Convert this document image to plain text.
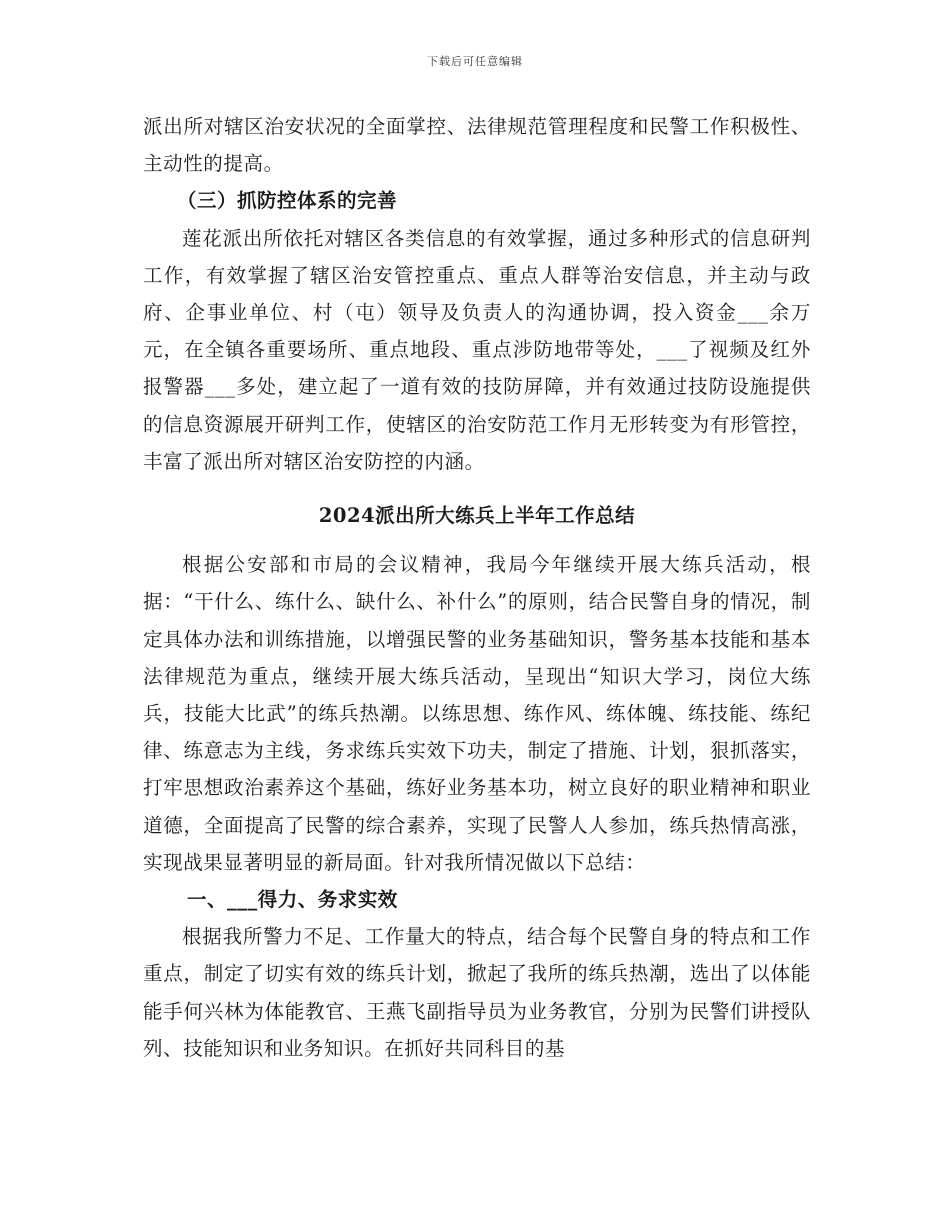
下载后可任意编辑

派出所对辖区治安状况的全面掌控、法律规范管理程度和民警工作积极性、主动性的提高。

（三）抓防控体系的完善

莲花派出所依托对辖区各类信息的有效掌握，通过多种形式的信息研判工作，有效掌握了辖区治安管控重点、重点人群等治安信息，并主动与政府、企事业单位、村（屯）领导及负责人的沟通协调，投入资金___余万元，在全镇各重要场所、重点地段、重点涉防地带等处，___了视频及红外报警器___多处，建立起了一道有效的技防屏障，并有效通过技防设施提供的信息资源展开研判工作，使辖区的治安防范工作月无形转变为有形管控，丰富了派出所对辖区治安防控的内涵。

2024派出所大练兵上半年工作总结

根据公安部和市局的会议精神，我局今年继续开展大练兵活动，根据：“干什么、练什么、缺什么、补什么”的原则，结合民警自身的情况，制定具体办法和训练措施，以增强民警的业务基础知识，警务基本技能和基本法律规范为重点，继续开展大练兵活动，呈现出“知识大学习，岗位大练兵，技能大比武”的练兵热潮。以练思想、练作风、练体魄、练技能、练纪律、练意志为主线，务求练兵实效下功夫，制定了措施、计划，狠抓落实，打牢思想政治素养这个基础，练好业务基本功，树立良好的职业精神和职业道德，全面提高了民警的综合素养，实现了民警人人参加，练兵热情高涨，实现战果显著明显的新局面。针对我所情况做以下总结：

一、___得力、务求实效

根据我所警力不足、工作量大的特点，结合每个民警自身的特点和工作重点，制定了切实有效的练兵计划，掀起了我所的练兵热潮，选出了以体能能手何兴林为体能教官、王燕飞副指导员为业务教官，分别为民警们讲授队列、技能知识和业务知识。在抓好共同科目的基
